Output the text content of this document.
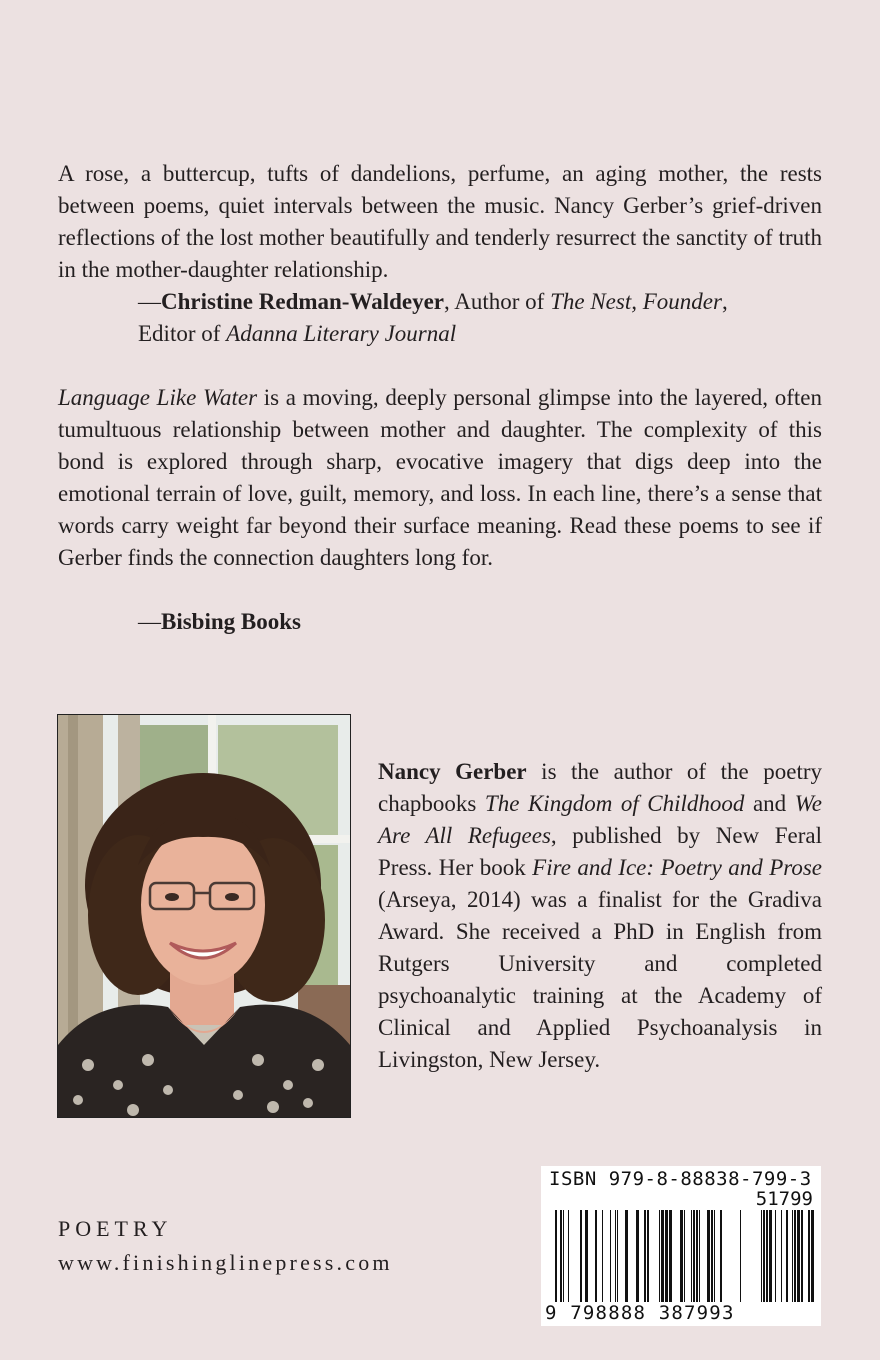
A rose, a buttercup, tufts of dandelions, perfume, an aging mother, the rests between poems, quiet intervals between the music. Nancy Gerber’s grief-driven reflections of the lost mother beautifully and tenderly resurrect the sanctity of truth in the mother-daughter relationship.

—Christine Redman-Waldeyer, Author of The Nest, Founder,
Editor of Adanna Literary Journal

Language Like Water is a moving, deeply personal glimpse into the layered, often tumultuous relationship between mother and daughter. The complexity of this bond is explored through sharp, evocative imagery that digs deep into the emotional terrain of love, guilt, memory, and loss. In each line, there’s a sense that words carry weight far beyond their surface meaning. Read these poems to see if Gerber finds the connection daughters long for.

—Bisbing Books

Nancy Gerber is the author of the poetry chapbooks The Kingdom of Childhood and We Are All Refugees, published by New Feral Press. Her book Fire and Ice: Poetry and Prose (Arseya, 2014) was a finalist for the Gradiva Award. She received a PhD in English from Rutgers University and completed psychoanalytic training at the Academy of Clinical and Applied Psychoanalysis in Livingston, New Jersey.

POETRY
www.finishinglinepress.com
ISBN 979-8-88838-799-3
51799
9 798888 387993
